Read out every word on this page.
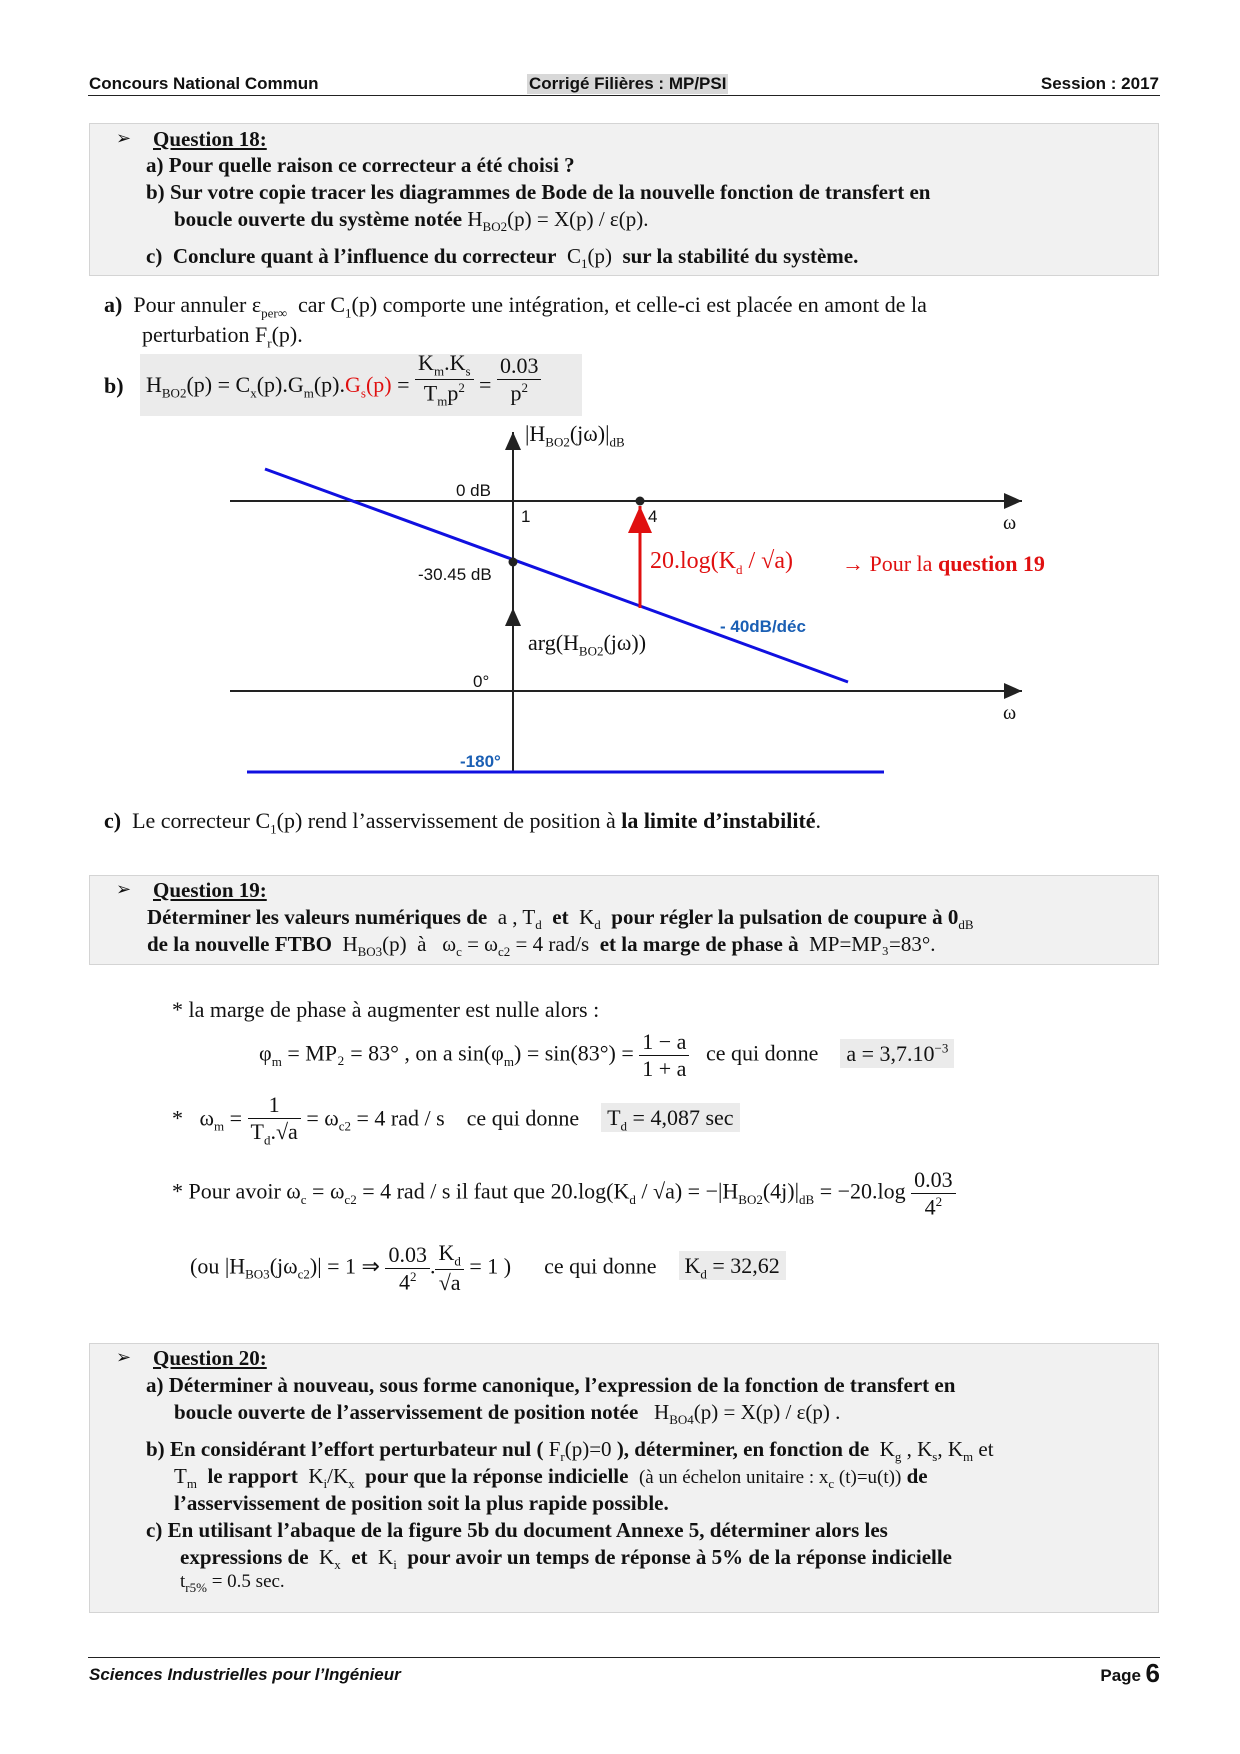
Concours National Commun	Corrigé Filières : MP/PSI	Session : 2017
➢ Question 18:
a) Pour quelle raison ce correcteur a été choisi ?
b) Sur votre copie tracer les diagrammes de Bode de la nouvelle fonction de transfert en
boucle ouverte du système notée $H_{BO2}(p) = X(p) / \varepsilon(p)$.
c)  Conclure quant à l’influence du correcteur $C_1(p)$ sur la stabilité du système.
a) Pour annuler $\varepsilon_{per\infty}$ car $C_1(p)$ comporte une intégration, et celle-ci est placée en amont de la
perturbation $F_r(p)$.
b) $H_{BO2}(p) = C_x(p).G_m(p).G_s(p) = \frac{K_m.K_s}{T_mp^2} = \frac{0.03}{p^2}$
$|H_{BO2}(j\omega)|_{dB}$
0 dB
1	4	ω
-30.45 dB
$20.\log(K_d / √a)$ → Pour la question 19
- 40dB/déc
$arg(H_{BO2}(j\omega))$
0°
ω
-180°
c) Le correcteur $C_1(p)$ rend l’asservissement de position à la limite d’instabilité.
➢ Question 19:
Déterminer les valeurs numériques de a , $T_d$  et  $K_d$ pour régler la pulsation de coupure à $0_{dB}$
de la nouvelle FTBO $H_{BO3}(p)$  à   $\omega_c = \omega_{c2} = 4$ rad/s et la marge de phase à MP=MP₃=83°.
* la marge de phase à augmenter est nulle alors :
$\varphi_m = MP_2 = 83^\circ$ , on a $\sin(\varphi_m) = \sin(83^\circ) = \frac{1 - a}{1 + a}$ ce qui donne $a = 3,7.10^{-3}$
*   $\omega_m = \frac{1}{T_d.√a} = \omega_{c2} = 4$ rad / s ce qui donne $T_d = 4,087$ sec
* Pour avoir $\omega_c = \omega_{c2} = 4$ rad / s il faut que $20.\log(K_d / √a) = -|H_{BO2}(4j)|_{dB} = -20.\log \frac{0.03}{4^2}$
(ou $|H_{BO3}(j\omega_{c2})| = 1$ ⇒ $\frac{0.03}{4^2}$ . $\frac{K_d}{√a} = 1$ ) ce qui donne $K_d = 32,62$
➢ Question 20:
a) Déterminer à nouveau, sous forme canonique, l’expression de la fonction de transfert en
boucle ouverte de l’asservissement de position notée $H_{BO4}(p) = X(p) / \varepsilon(p)$ .
b) En considérant l’effort perturbateur nul ( $F_r(p)=0$ ), déterminer, en fonction de $K_g$ , $K_s$, $K_m$ et
$T_m$ le rapport $K_i/K_x$ pour que la réponse indicielle (à un échelon unitaire : $x_c$ (t)=u(t)) de
l’asservissement de position soit la plus rapide possible.
c) En utilisant l’abaque de la figure 5b du document Annexe 5, déterminer alors les
expressions de $K_x$ et $K_i$ pour avoir un temps de réponse à 5% de la réponse indicielle
$t_{r5\%} = 0.5$ sec.
Sciences Industrielles pour l’Ingénieur	Page 6
